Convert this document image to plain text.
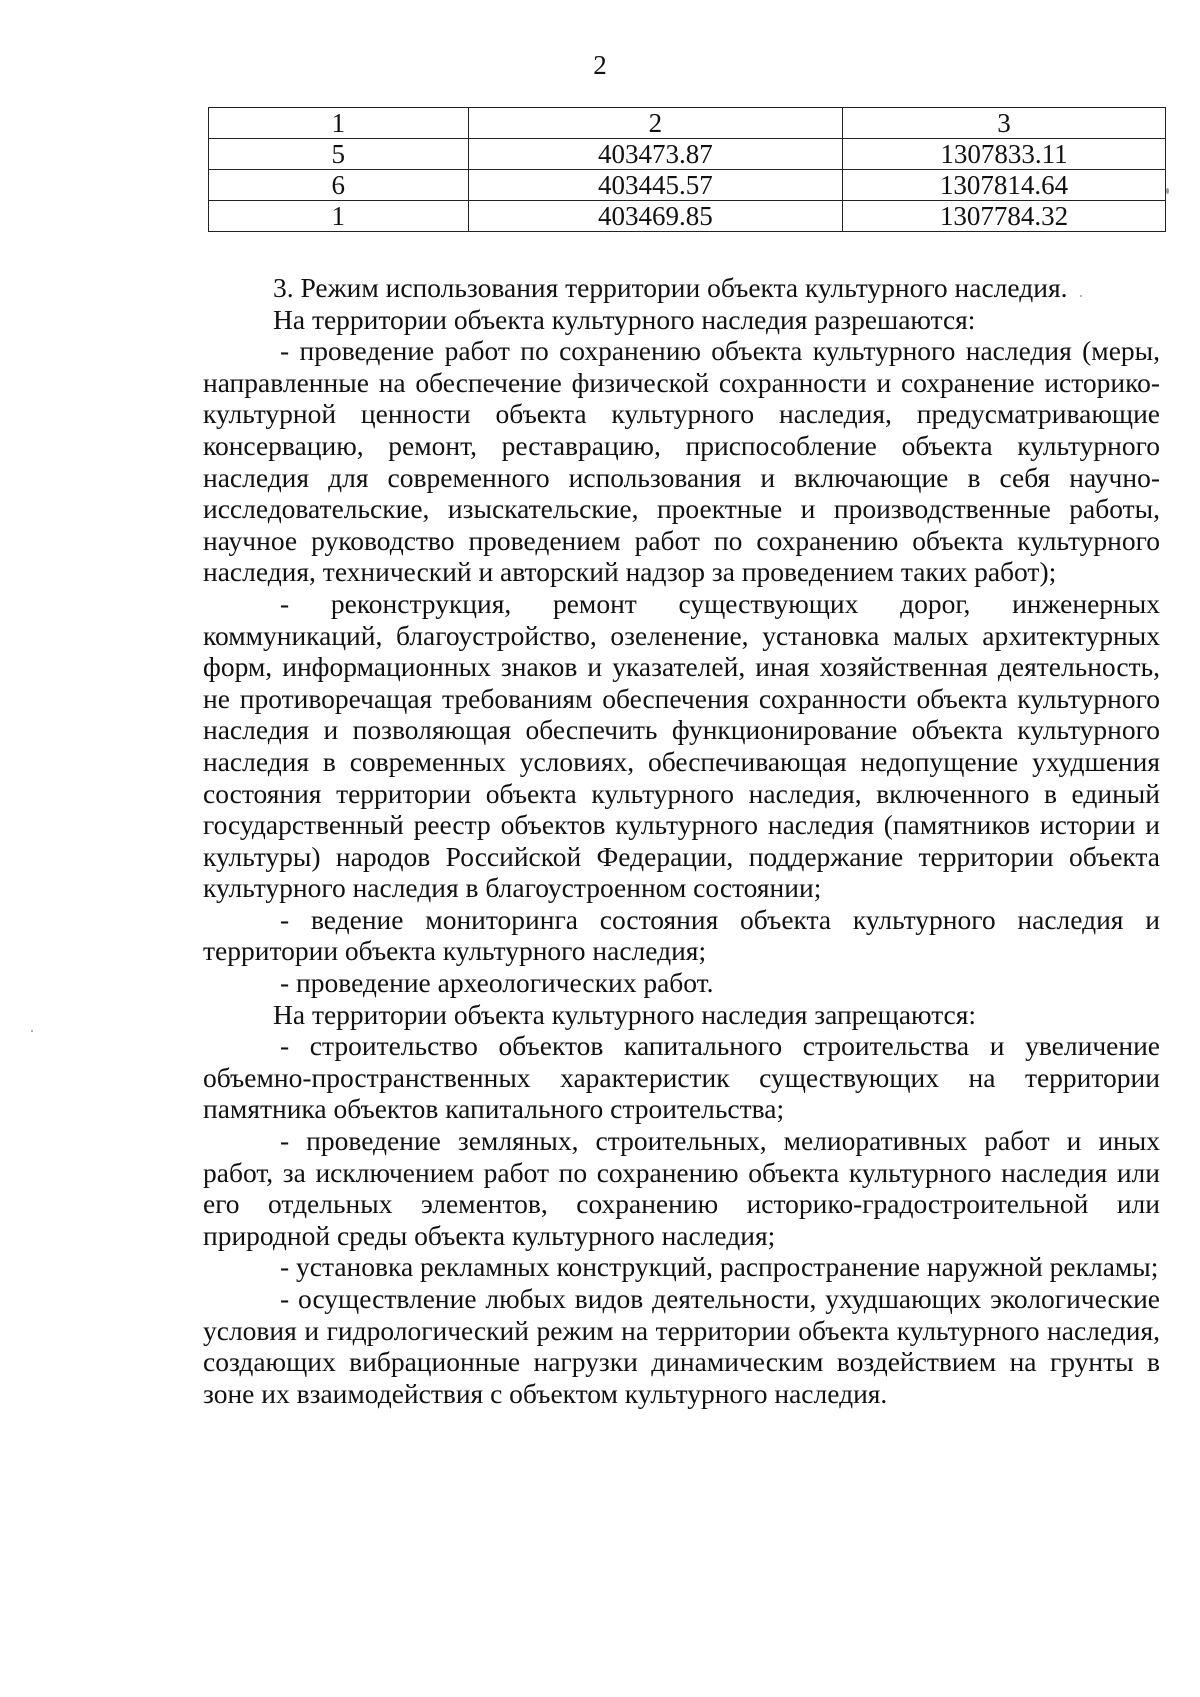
2
1	2	3
5	403473.87	1307833.11
6	403445.57	1307814.64
1	403469.85	1307784.32

3. Режим использования территории объекта культурного наследия.

На территории объекта культурного наследия разрешаются:

- проведение работ по сохранению объекта культурного наследия (меры, направленные на обеспечение физической сохранности и сохранение историко-культурной ценности объекта культурного наследия, предусматривающие консервацию, ремонт, реставрацию, приспособление объекта культурного наследия для современного использования и включающие в себя научно-исследовательские, изыскательские, проектные и производственные работы, научное руководство проведением работ по сохранению объекта культурного наследия, технический и авторский надзор за проведением таких работ);

- реконструкция, ремонт существующих дорог, инженерных коммуникаций, благоустройство, озеленение, установка малых архитектурных форм, информационных знаков и указателей, иная хозяйственная деятельность, не противоречащая требованиям обеспечения сохранности объекта культурного наследия и позволяющая обеспечить функционирование объекта культурного наследия в современных условиях, обеспечивающая недопущение ухудшения состояния территории объекта культурного наследия, включенного в единый государственный реестр объектов культурного наследия (памятников истории и культуры) народов Российской Федерации, поддержание территории объекта культурного наследия в благоустроенном состоянии;

- ведение мониторинга состояния объекта культурного наследия и территории объекта культурного наследия;

- проведение археологических работ.

На территории объекта культурного наследия запрещаются:

- строительство объектов капитального строительства и увеличение объемно-пространственных характеристик существующих на территории памятника объектов капитального строительства;

- проведение земляных, строительных, мелиоративных работ и иных работ, за исключением работ по сохранению объекта культурного наследия или его отдельных элементов, сохранению историко-градостроительной или природной среды объекта культурного наследия;

- установка рекламных конструкций, распространение наружной рекламы;

- осуществление любых видов деятельности, ухудшающих экологические условия и гидрологический режим на территории объекта культурного наследия, создающих вибрационные нагрузки динамическим воздействием на грунты в зоне их взаимодействия с объектом культурного наследия.
